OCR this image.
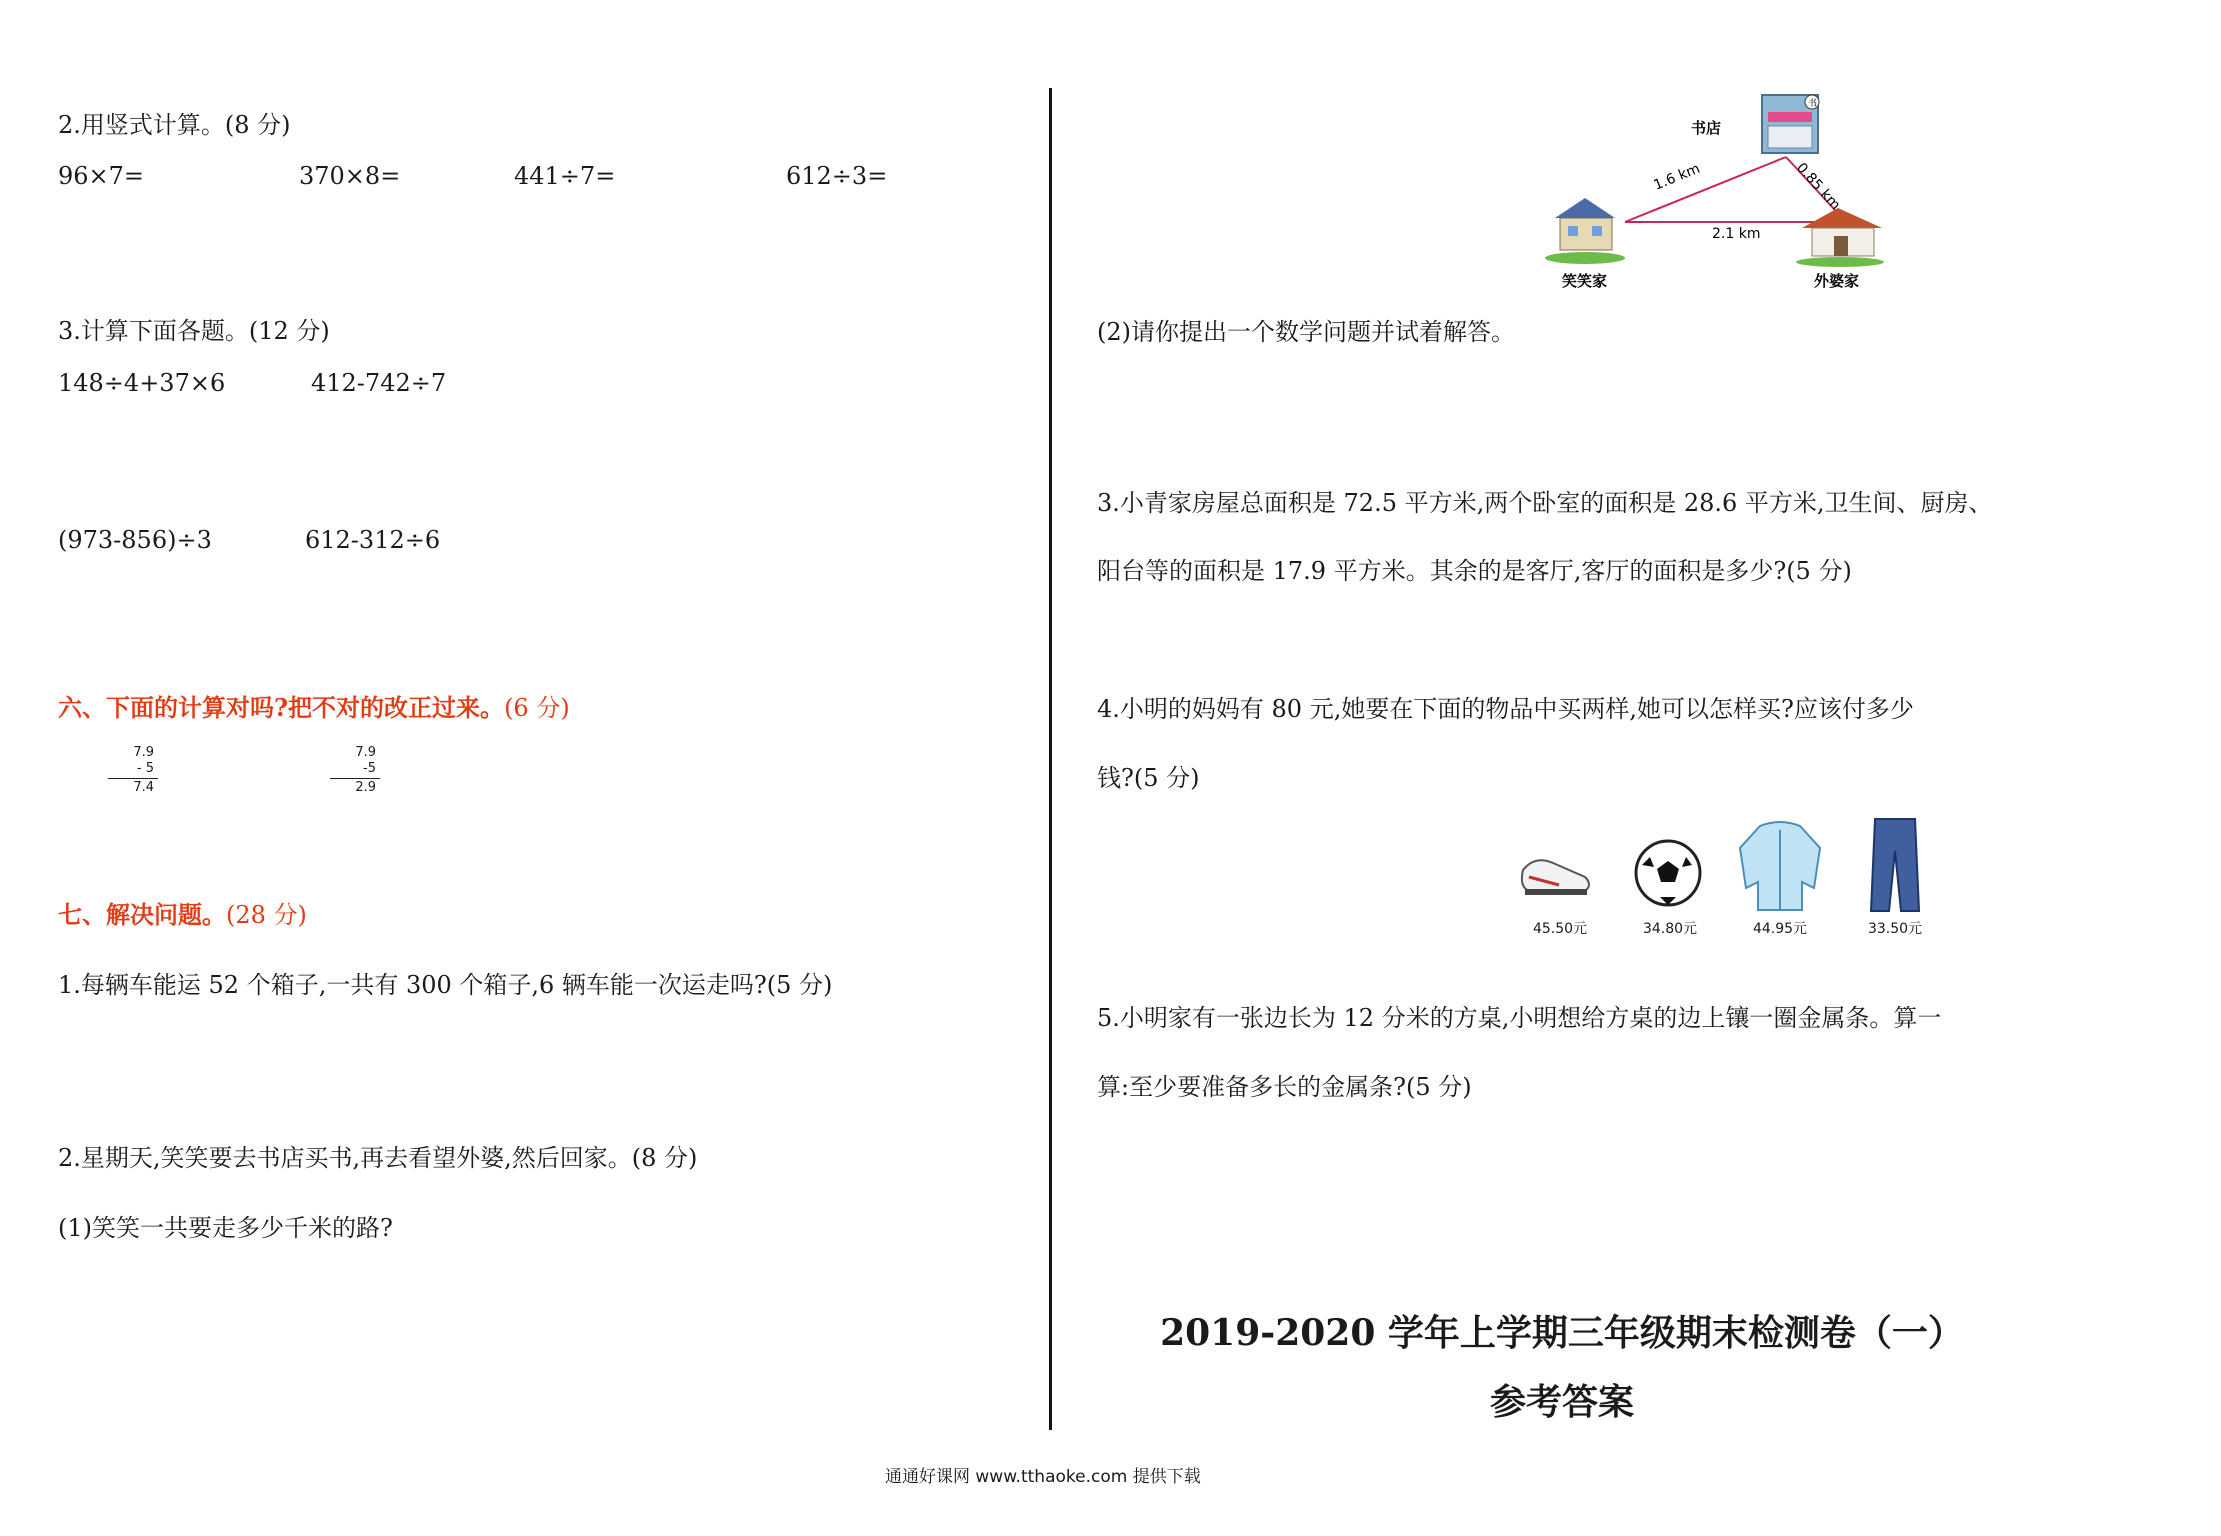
2.用竖式计算。(8 分)
96×7=	370×8=	441÷7=	612÷3=
3.计算下面各题。(12 分)
148÷4+37×6	412-742÷7
(973-856)÷3	612-312÷6
六、下面的计算对吗?把不对的改正过来。(6 分)
7.9
- 5
7.4
7.9
-5
2.9
七、解决问题。(28 分)
1.每辆车能运 52 个箱子,一共有 300 个箱子,6 辆车能一次运走吗?(5 分)
2.星期天,笑笑要去书店买书,再去看望外婆,然后回家。(8 分)
(1)笑笑一共要走多少千米的路?
书
书店
笑笑家	外婆家
1.6 km	0.85 km
2.1 km
(2)请你提出一个数学问题并试着解答。
3.小青家房屋总面积是 72.5 平方米,两个卧室的面积是 28.6 平方米,卫生间、厨房、
阳台等的面积是 17.9 平方米。其余的是客厅,客厅的面积是多少?(5 分)
4.小明的妈妈有 80 元,她要在下面的物品中买两样,她可以怎样买?应该付多少
钱?(5 分)
45.50元	34.80元	44.95元	33.50元
5.小明家有一张边长为 12 分米的方桌,小明想给方桌的边上镶一圈金属条。算一
算:至少要准备多长的金属条?(5 分)
2019-2020 学年上学期三年级期末检测卷（一）
参考答案
通通好课网 www.tthaoke.com 提供下载
